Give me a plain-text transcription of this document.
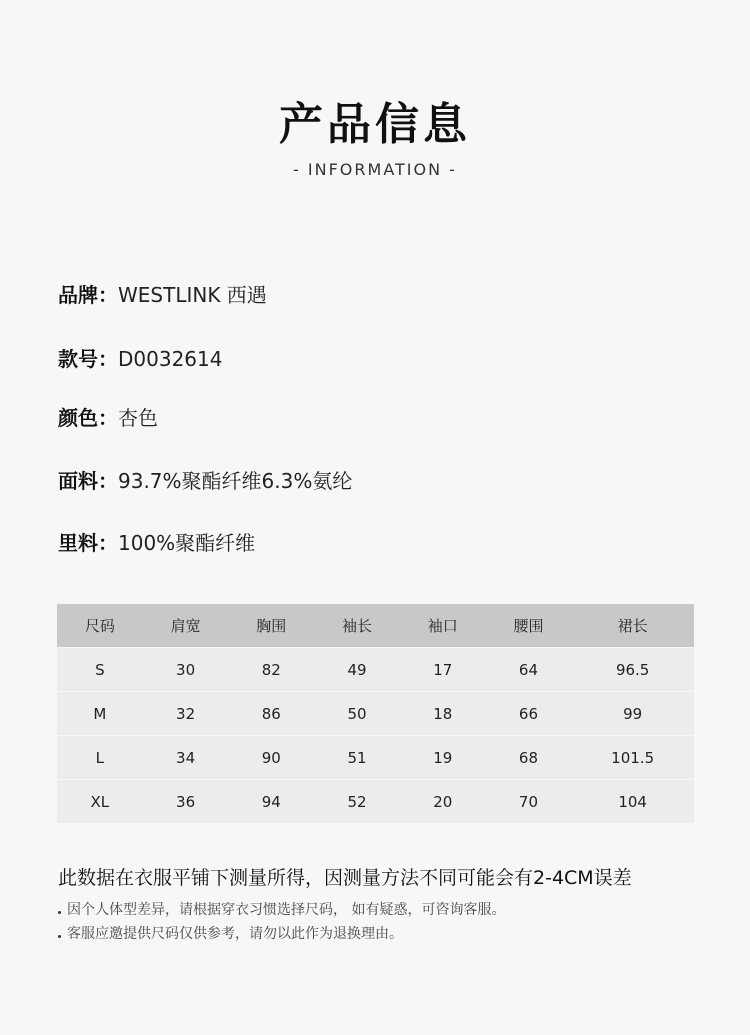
产品信息
- INFORMATION -
品牌：WESTLINK 西遇
款号：D0032614
颜色：杏色
面料：93.7%聚酯纤维6.3%氨纶
里料：100%聚酯纤维
尺码	肩宽	胸围	袖长	袖口	腰围	裙长
S	30	82	49	17	64	96.5
M	32	86	50	18	66	99
L	34	90	51	19	68	101.5
XL	36	94	52	20	70	104
此数据在衣服平铺下测量所得，因测量方法不同可能会有2-4CM误差
因个人体型差异，请根据穿衣习惯选择尺码， 如有疑惑，可咨询客服。
客服应邀提供尺码仅供参考，请勿以此作为退换理由。
